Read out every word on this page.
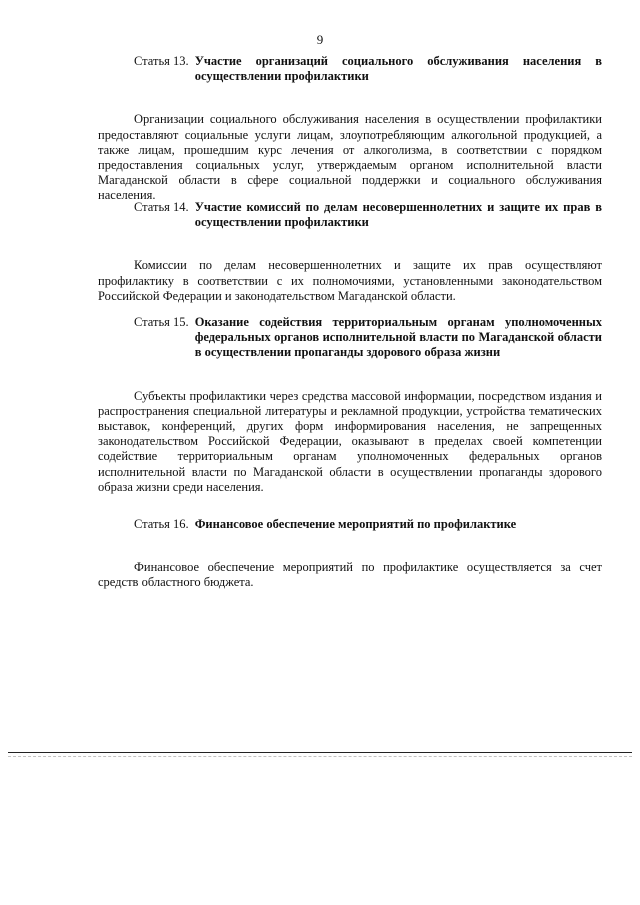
9
Статья 13. Участие организаций социального обслуживания населения в осуществлении профилактики
Организации социального обслуживания населения в осуществлении профилактики предоставляют социальные услуги лицам, злоупотребляющим алкогольной продукцией, а также лицам, прошедшим курс лечения от алкоголизма, в соответствии с порядком предоставления социальных услуг, утверждаемым органом исполнительной власти Магаданской области в сфере социальной поддержки и социального обслуживания населения.
Статья 14. Участие комиссий по делам несовершеннолетних и защите их прав в осуществлении профилактики
Комиссии по делам несовершеннолетних и защите их прав осуществляют профилактику в соответствии с их полномочиями, установленными законодательством Российской Федерации и законодательством Магаданской области.
Статья 15. Оказание содействия территориальным органам уполномоченных федеральных органов исполнительной власти по Магаданской области в осуществлении пропаганды здорового образа жизни
Субъекты профилактики через средства массовой информации, посредством издания и распространения специальной литературы и рекламной продукции, устройства тематических выставок, конференций, других форм информирования населения, не запрещенных законодательством Российской Федерации, оказывают в пределах своей компетенции содействие территориальным органам уполномоченных федеральных органов исполнительной власти по Магаданской области в осуществлении пропаганды здорового образа жизни среди населения.
Статья 16. Финансовое обеспечение мероприятий по профилактике
Финансовое обеспечение мероприятий по профилактике осуществляется за счет средств областного бюджета.
